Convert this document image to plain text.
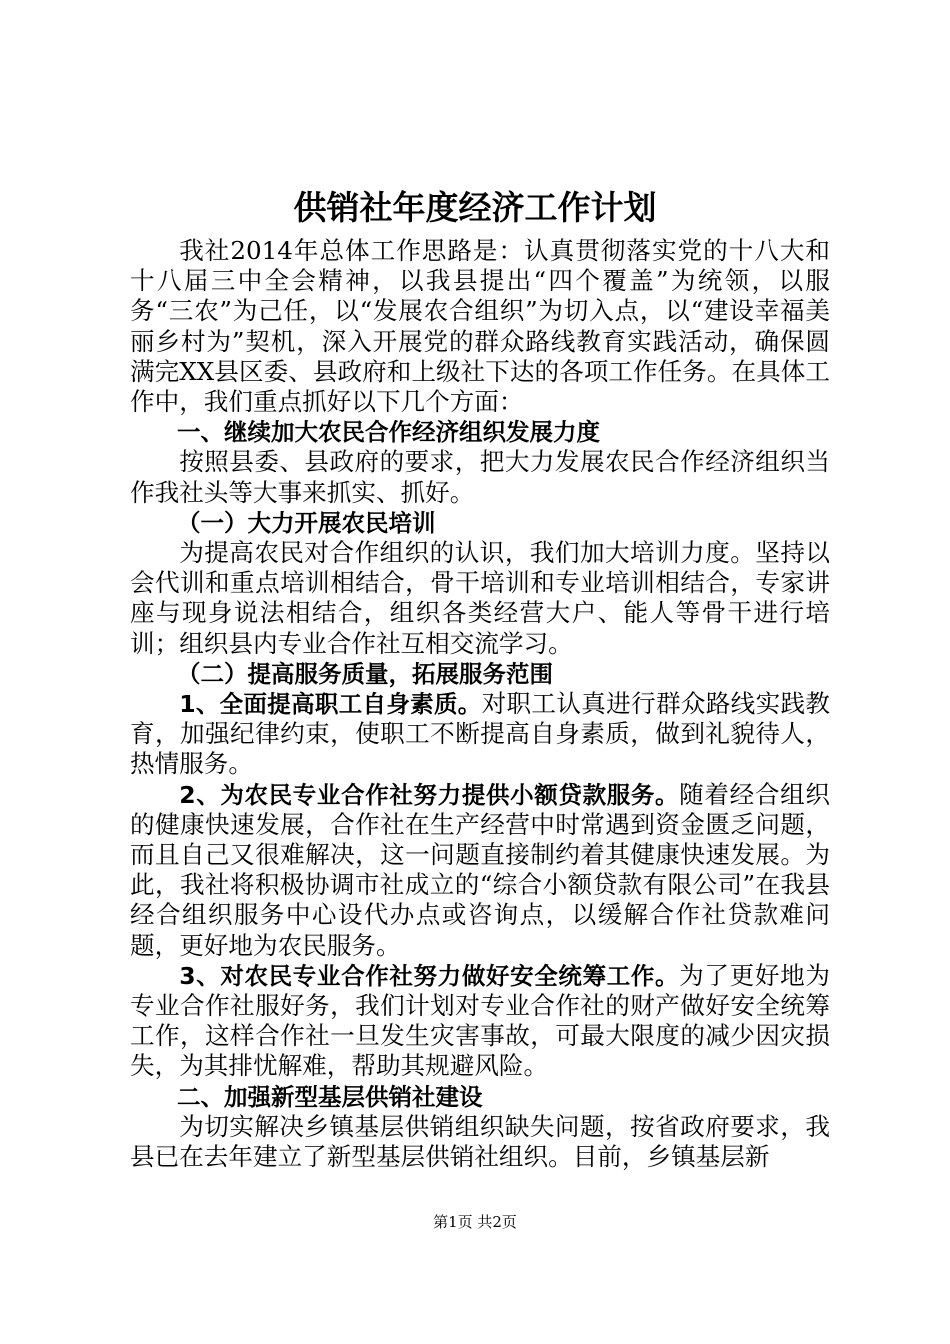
供销社年度经济工作计划

我社2014年总体工作思路是：认真贯彻落实党的十八大和十八届三中全会精神，以我县提出“四个覆盖”为统领，以服务“三农”为己任，以“发展农合组织”为切入点，以“建设幸福美丽乡村为”契机，深入开展党的群众路线教育实践活动，确保圆满完XX县区委、县政府和上级社下达的各项工作任务。在具体工作中，我们重点抓好以下几个方面：

一、继续加大农民合作经济组织发展力度

按照县委、县政府的要求，把大力发展农民合作经济组织当作我社头等大事来抓实、抓好。

（一）大力开展农民培训

为提高农民对合作组织的认识，我们加大培训力度。坚持以会代训和重点培训相结合，骨干培训和专业培训相结合，专家讲座与现身说法相结合，组织各类经营大户、能人等骨干进行培训；组织县内专业合作社互相交流学习。

（二）提高服务质量，拓展服务范围

1、全面提高职工自身素质。对职工认真进行群众路线实践教育，加强纪律约束，使职工不断提高自身素质，做到礼貌待人，热情服务。

2、为农民专业合作社努力提供小额贷款服务。随着经合组织的健康快速发展，合作社在生产经营中时常遇到资金匮乏问题，而且自己又很难解决，这一问题直接制约着其健康快速发展。为此，我社将积极协调市社成立的“综合小额贷款有限公司”在我县经合组织服务中心设代办点或咨询点，以缓解合作社贷款难问题，更好地为农民服务。

3、对农民专业合作社努力做好安全统筹工作。为了更好地为专业合作社服好务，我们计划对专业合作社的财产做好安全统筹工作，这样合作社一旦发生灾害事故，可最大限度的减少因灾损失，为其排忧解难，帮助其规避风险。

二、加强新型基层供销社建设

为切实解决乡镇基层供销组织缺失问题，按省政府要求，我县已在去年建立了新型基层供销社组织。目前，乡镇基层新

第1页 共2页
